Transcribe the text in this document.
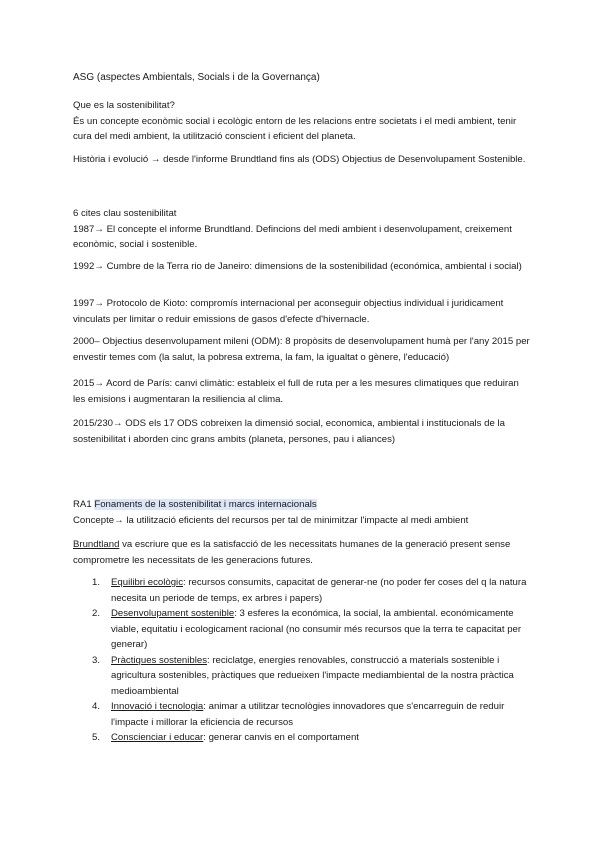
ASG (aspectes Ambientals, Socials i de la Governança)

Que es la sostenibilitat?

És un concepte econòmic social i ecològic entorn de les relacions entre societats i el medi ambient, tenir cura del medi ambient, la utilització conscient i eficient del planeta.

Història i evolució → desde l'informe Brundtland fins als (ODS) Objectius de Desenvolupament Sostenible.

6 cites clau sostenibilitat

1987→ El concepte el informe Brundtland. Defincions del medi ambient i desenvolupament, creixement econòmic, social i sostenible.

1992→ Cumbre de la Terra rio de Janeiro: dimensions de la sostenibilidad (económica, ambiental i social)

1997→ Protocolo de Kioto: compromís internacional per aconseguir objectius individual i juridicament vinculats per limitar o reduir emissions de gasos d'efecte d'hivernacle.

2000– Objectius desenvolupament mileni (ODM): 8 propòsits de desenvolupament humà per l'any 2015 per envestir temes com (la salut, la pobresa extrema, la fam, la igualtat o gènere, l'educació)

2015→ Acord de París: canvi climàtic: estableix el full de ruta per a les mesures climatiques que reduiran les emisions i augmentaran la resiliencia al clima.

2015/230→ ODS els 17 ODS cobreixen la dimensió social, economica, ambiental i institucionals de la sostenibilitat i aborden cinc grans ambits (planeta, persones, pau i aliances)

RA1 Fonaments de la sostenibilitat i marcs internacionals

Concepte→ la utilització eficients del recursos per tal de minimitzar l'impacte al medi ambient

Brundtland va escriure que es la satisfacció de les necessitats humanes de la generació present sense comprometre les necessitats de les generacions futures.

1. Equilibri ecològic: recursos consumits, capacitat de generar-ne (no poder fer coses del q la natura necesita un periode de temps, ex arbres i papers)
2. Desenvolupament sostenible: 3 esferes la económica, la social, la ambiental. económicamente viable, equitatiu i ecologicament racional (no consumir més recursos que la terra te capacitat per generar)
3. Pràctiques sostenibles: reciclatge, energies renovables, construcció a materials sostenible i agricultura sostenibles, pràctiques que redueixen l'impacte mediambiental de la nostra pràctica medioambiental
4. Innovació i tecnologia: animar a utilitzar tecnològies innovadores que s'encarreguin de reduir l'impacte i millorar la eficiencia de recursos
5. Conscienciar i educar: generar canvis en el comportament
